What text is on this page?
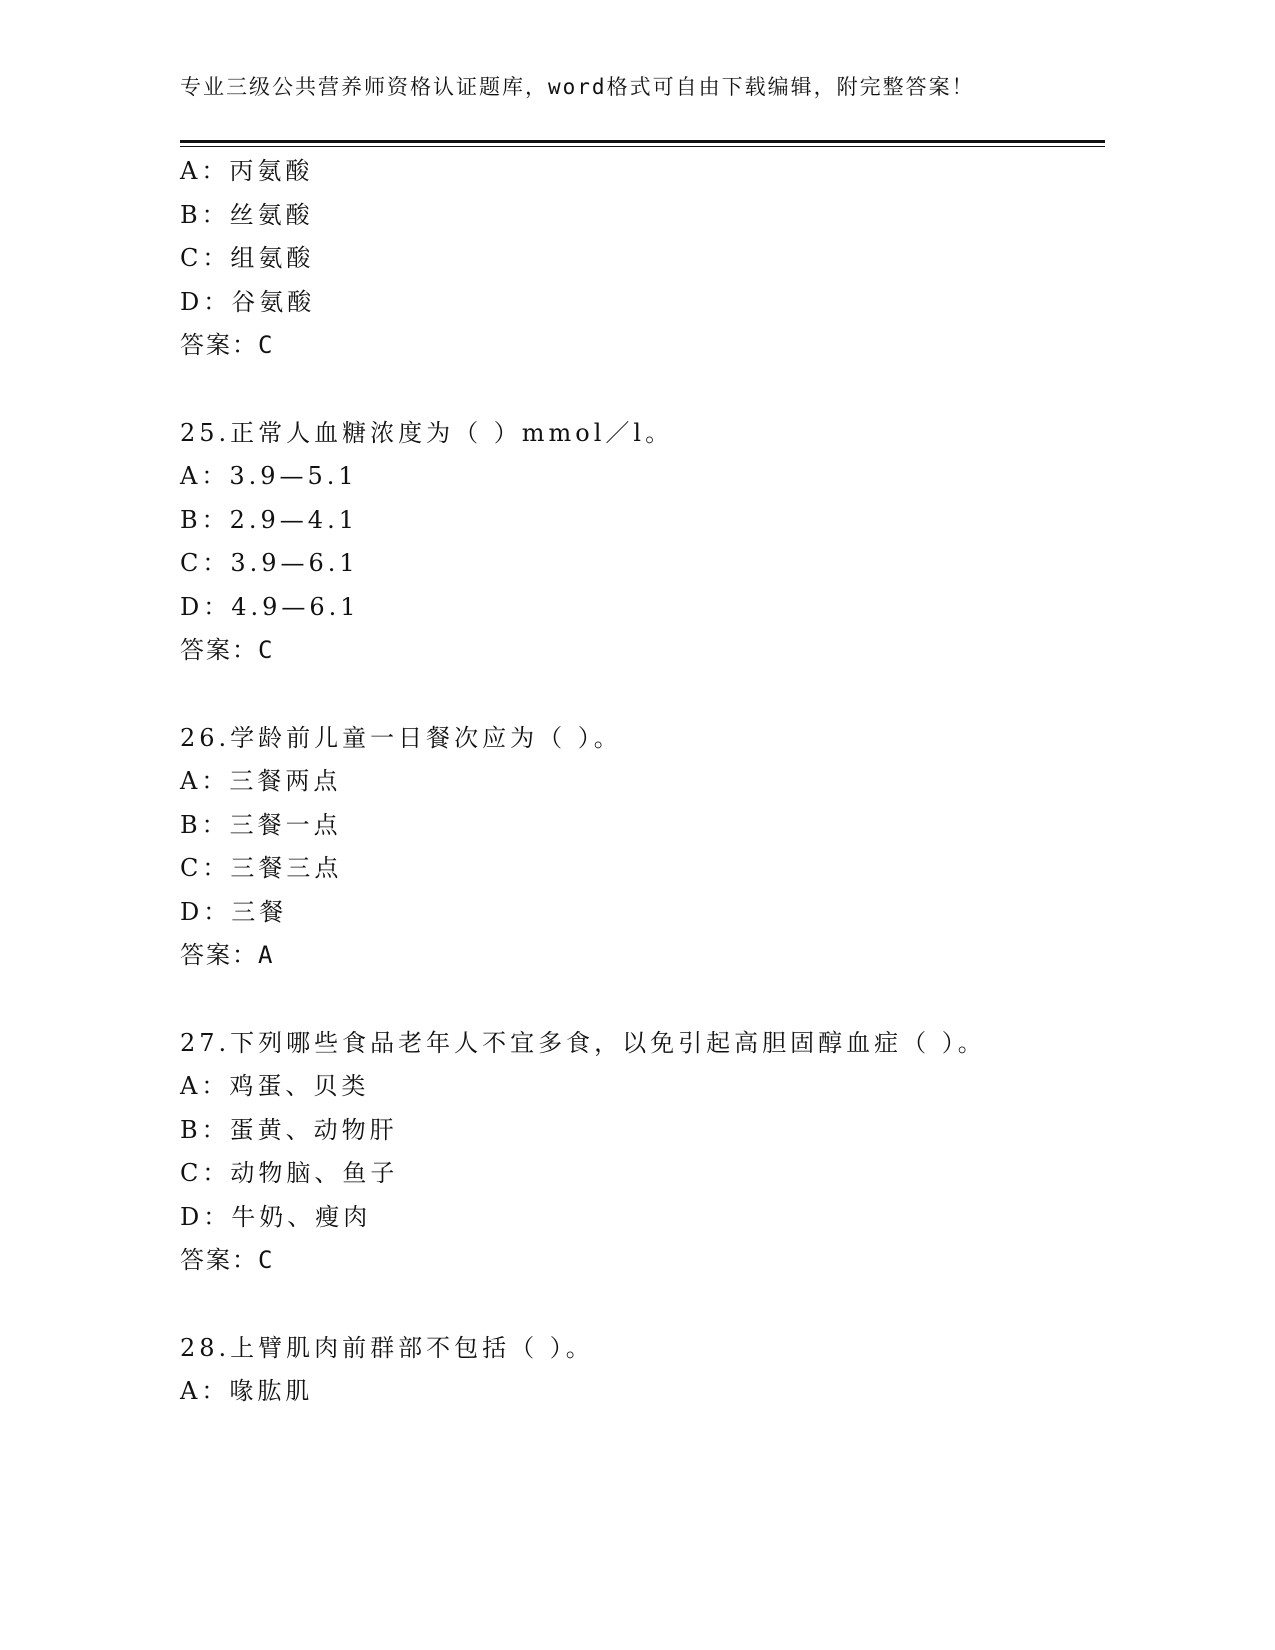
专业三级公共营养师资格认证题库，word格式可自由下载编辑，附完整答案！
A：丙氨酸
B：丝氨酸
C：组氨酸
D：谷氨酸
答案：C
25.正常人血糖浓度为（ ）mmol／l。
A：3.9—5.1
B：2.9—4.1
C：3.9—6.1
D：4.9—6.1
答案：C
26.学龄前儿童一日餐次应为（ ）。
A：三餐两点
B：三餐一点
C：三餐三点
D：三餐
答案：A
27.下列哪些食品老年人不宜多食，以免引起高胆固醇血症（ ）。
A：鸡蛋、贝类
B：蛋黄、动物肝
C：动物脑、鱼子
D：牛奶、瘦肉
答案：C
28.上臂肌肉前群部不包括（ ）。
A：喙肱肌
